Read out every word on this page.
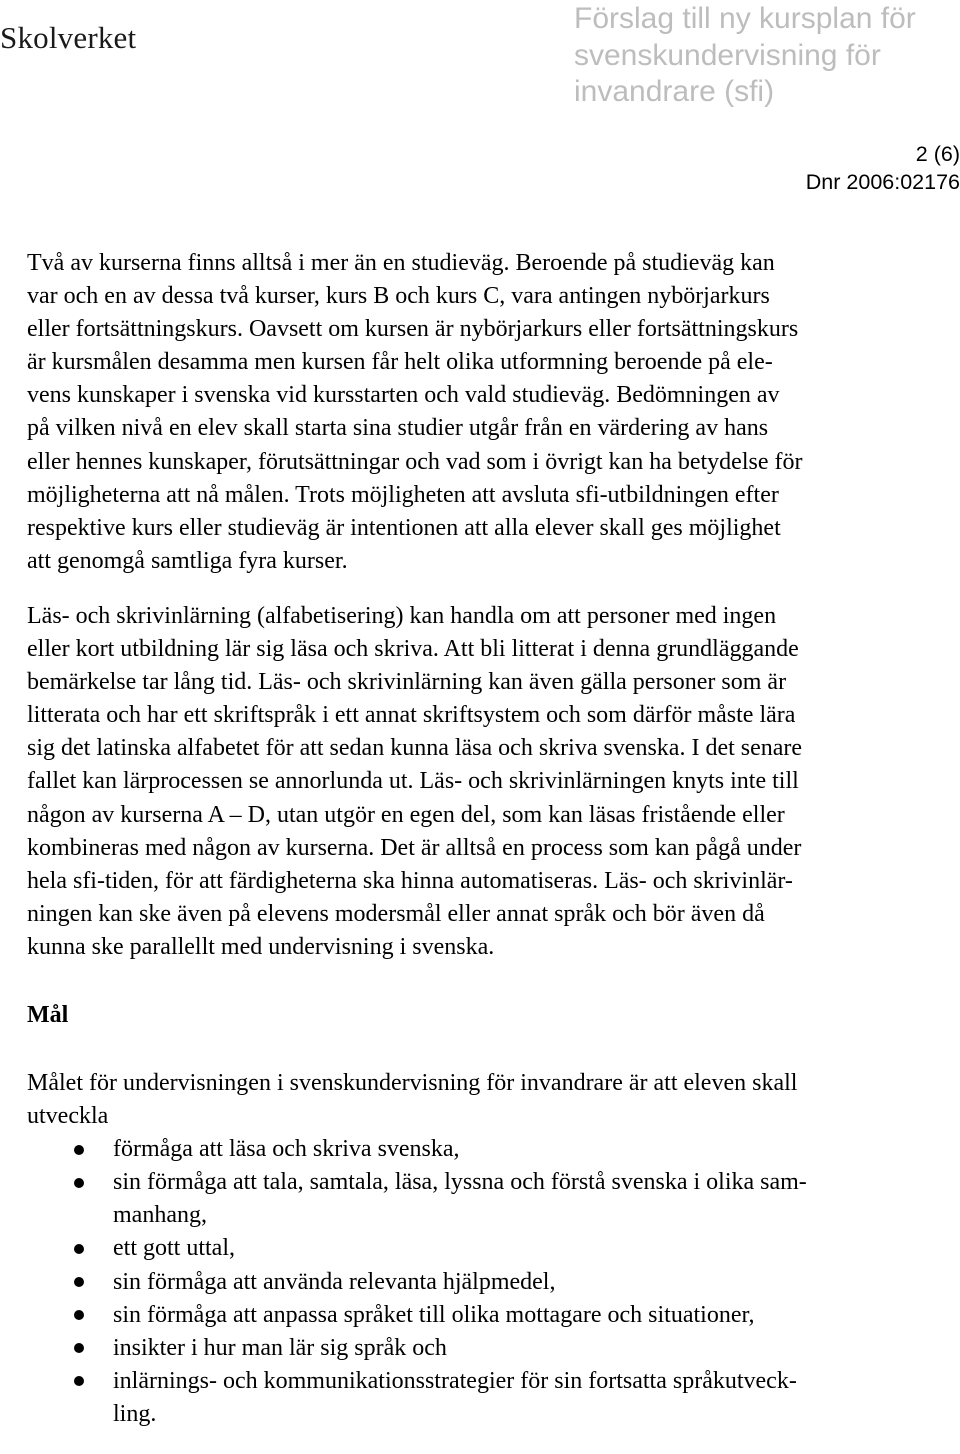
Skolverket
Förslag till ny kursplan för
svenskundervisning för
invandrare (sfi)
2 (6)
Dnr 2006:02176
Två av kurserna finns alltså i mer än en studieväg. Beroende på studieväg kan
var och en av dessa två kurser, kurs B och kurs C, vara antingen nybörjarkurs
eller fortsättningskurs. Oavsett om kursen är nybörjarkurs eller fortsättningskurs
är kursmålen desamma men kursen får helt olika utformning beroende på ele-
vens kunskaper i svenska vid kursstarten och vald studieväg. Bedömningen av
på vilken nivå en elev skall starta sina studier utgår från en värdering av hans
eller hennes kunskaper, förutsättningar och vad som i övrigt kan ha betydelse för
möjligheterna att nå målen. Trots möjligheten att avsluta sfi-utbildningen efter
respektive kurs eller studieväg är intentionen att alla elever skall ges möjlighet
att genomgå samtliga fyra kurser.
Läs- och skrivinlärning (alfabetisering) kan handla om att personer med ingen
eller kort utbildning lär sig läsa och skriva. Att bli litterat i denna grundläggande
bemärkelse tar lång tid. Läs- och skrivinlärning kan även gälla personer som är
litterata och har ett skriftspråk i ett annat skriftsystem och som därför måste lära
sig det latinska alfabetet för att sedan kunna läsa och skriva svenska. I det senare
fallet kan lärprocessen se annorlunda ut. Läs- och skrivinlärningen knyts inte till
någon av kurserna A – D, utan utgör en egen del, som kan läsas fristående eller
kombineras med någon av kurserna. Det är alltså en process som kan pågå under
hela sfi-tiden, för att färdigheterna ska hinna automatiseras. Läs- och skrivinlär-
ningen kan ske även på elevens modersmål eller annat språk och bör även då
kunna ske parallellt med undervisning i svenska.
Mål
Målet för undervisningen i svenskundervisning för invandrare är att eleven skall
utveckla
förmåga att läsa och skriva svenska,
sin förmåga att tala, samtala, läsa, lyssna och förstå svenska i olika sam-
manhang,
ett gott uttal,
sin förmåga att använda relevanta hjälpmedel,
sin förmåga att anpassa språket till olika mottagare och situationer,
insikter i hur man lär sig språk och
inlärnings- och kommunikationsstrategier för sin fortsatta språkutveck-
ling.
